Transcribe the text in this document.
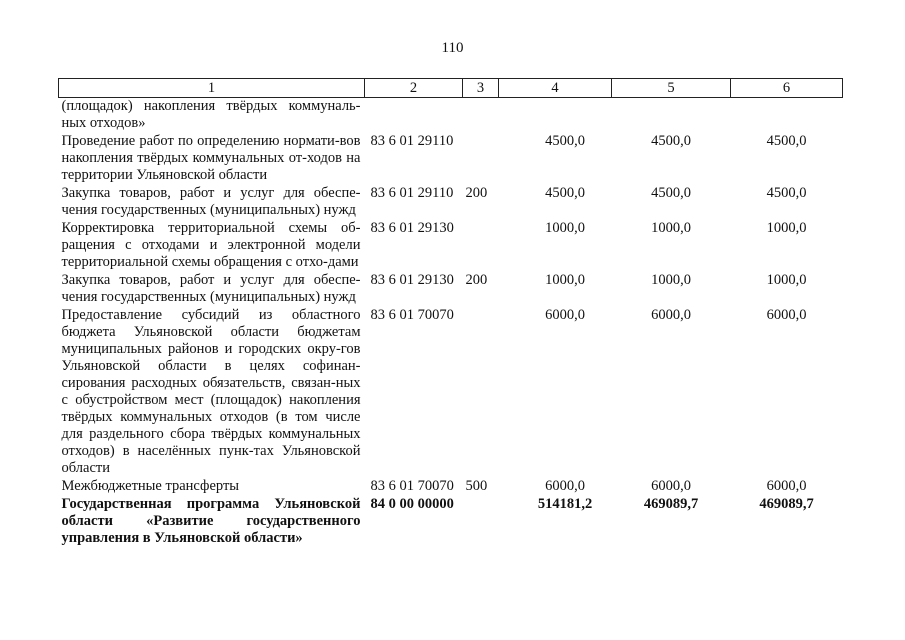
110
1	2	3	4	5	6
(площадок) накопления твёрдых коммуналь-ных отходов»					
Проведение работ по определению нормати-вов накопления твёрдых коммунальных от-ходов на территории Ульяновской области	83 6 01 29110		4500,0	4500,0	4500,0
Закупка товаров, работ и услуг для обеспе-чения государственных (муниципальных) нужд	83 6 01 29110	200	4500,0	4500,0	4500,0
Корректировка территориальной схемы об-ращения с отходами и электронной модели территориальной схемы обращения с отхо-дами	83 6 01 29130		1000,0	1000,0	1000,0
Закупка товаров, работ и услуг для обеспе-чения государственных (муниципальных) нужд	83 6 01 29130	200	1000,0	1000,0	1000,0
Предоставление субсидий из областного бюджета Ульяновской области бюджетам муниципальных районов и городских окру-гов Ульяновской области в целях софинан-сирования расходных обязательств, связан-ных с обустройством мест (площадок) накопления твёрдых коммунальных отходов (в том числе для раздельного сбора твёрдых коммунальных отходов) в населённых пунк-тах Ульяновской области	83 6 01 70070		6000,0	6000,0	6000,0
Межбюджетные трансферты	83 6 01 70070	500	6000,0	6000,0	6000,0
Государственная программа Ульяновской области «Развитие государственного управления в Ульяновской области»	84 0 00 00000		514181,2	469089,7	469089,7
